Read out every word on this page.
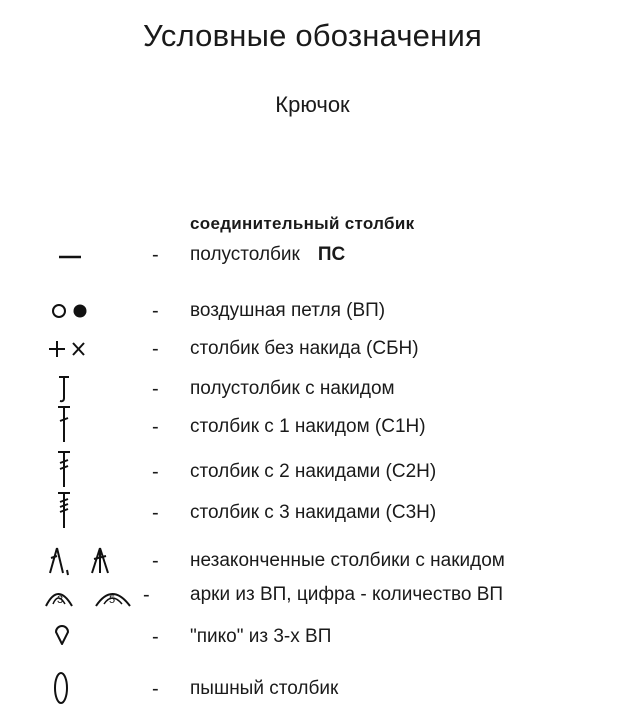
Условные обозначения
Крючок
соединительный столбик
- полустолбик ПС
- воздушная петля (ВП)
- столбик без накида (СБН)
- полустолбик с накидом
- столбик с 1 накидом (С1Н)
- столбик с 2 накидами (С2Н)
- столбик с 3 накидами (С3Н)
- незаконченные столбики с накидом
3	5 - арки из ВП, цифра - количество ВП
- "пико" из 3-х ВП
- пышный столбик
